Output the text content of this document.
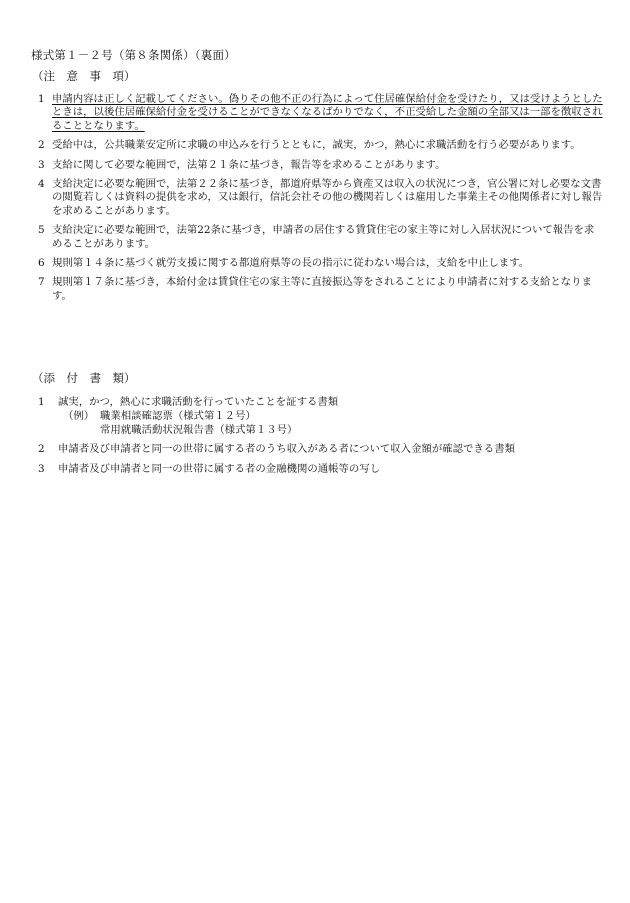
様式第１－２号（第８条関係）（裏面）
（注　意　事　項）
1 申請内容は正しく記載してください。偽りその他不正の行為によって住居確保給付金を受けたり，又は受けようとしたときは，以後住居確保給付金を受けることができなくなるばかりでなく，不正受給した金額の全部又は一部を徴収されることとなります。
2 受給中は，公共職業安定所に求職の申込みを行うとともに，誠実，かつ，熱心に求職活動を行う必要があります。
3 支給に関して必要な範囲で，法第２１条に基づき，報告等を求めることがあります。
4 支給決定に必要な範囲で，法第２２条に基づき，都道府県等から資産又は収入の状況につき，官公署に対し必要な文書の閲覧若しくは資料の提供を求め，又は銀行，信託会社その他の機関若しくは雇用した事業主その他関係者に対し報告を求めることがあります。
5 支給決定に必要な範囲で，法第22条に基づき，申請者の居住する賃貸住宅の家主等に対し入居状況について報告を求めることがあります。
6 規則第１４条に基づく就労支援に関する都道府県等の長の指示に従わない場合は，支給を中止します。
7 規則第１７条に基づき，本給付金は賃貸住宅の家主等に直接振込等をされることにより申請者に対する支給となります。
（添　付　書　類）
1 誠実，かつ，熱心に求職活動を行っていたことを証する書類
（例） 職業相談確認票（様式第１２号）
常用就職活動状況報告書（様式第１３号）
2 申請者及び申請者と同一の世帯に属する者のうち収入がある者について収入金額が確認できる書類
3 申請者及び申請者と同一の世帯に属する者の金融機関の通帳等の写し
